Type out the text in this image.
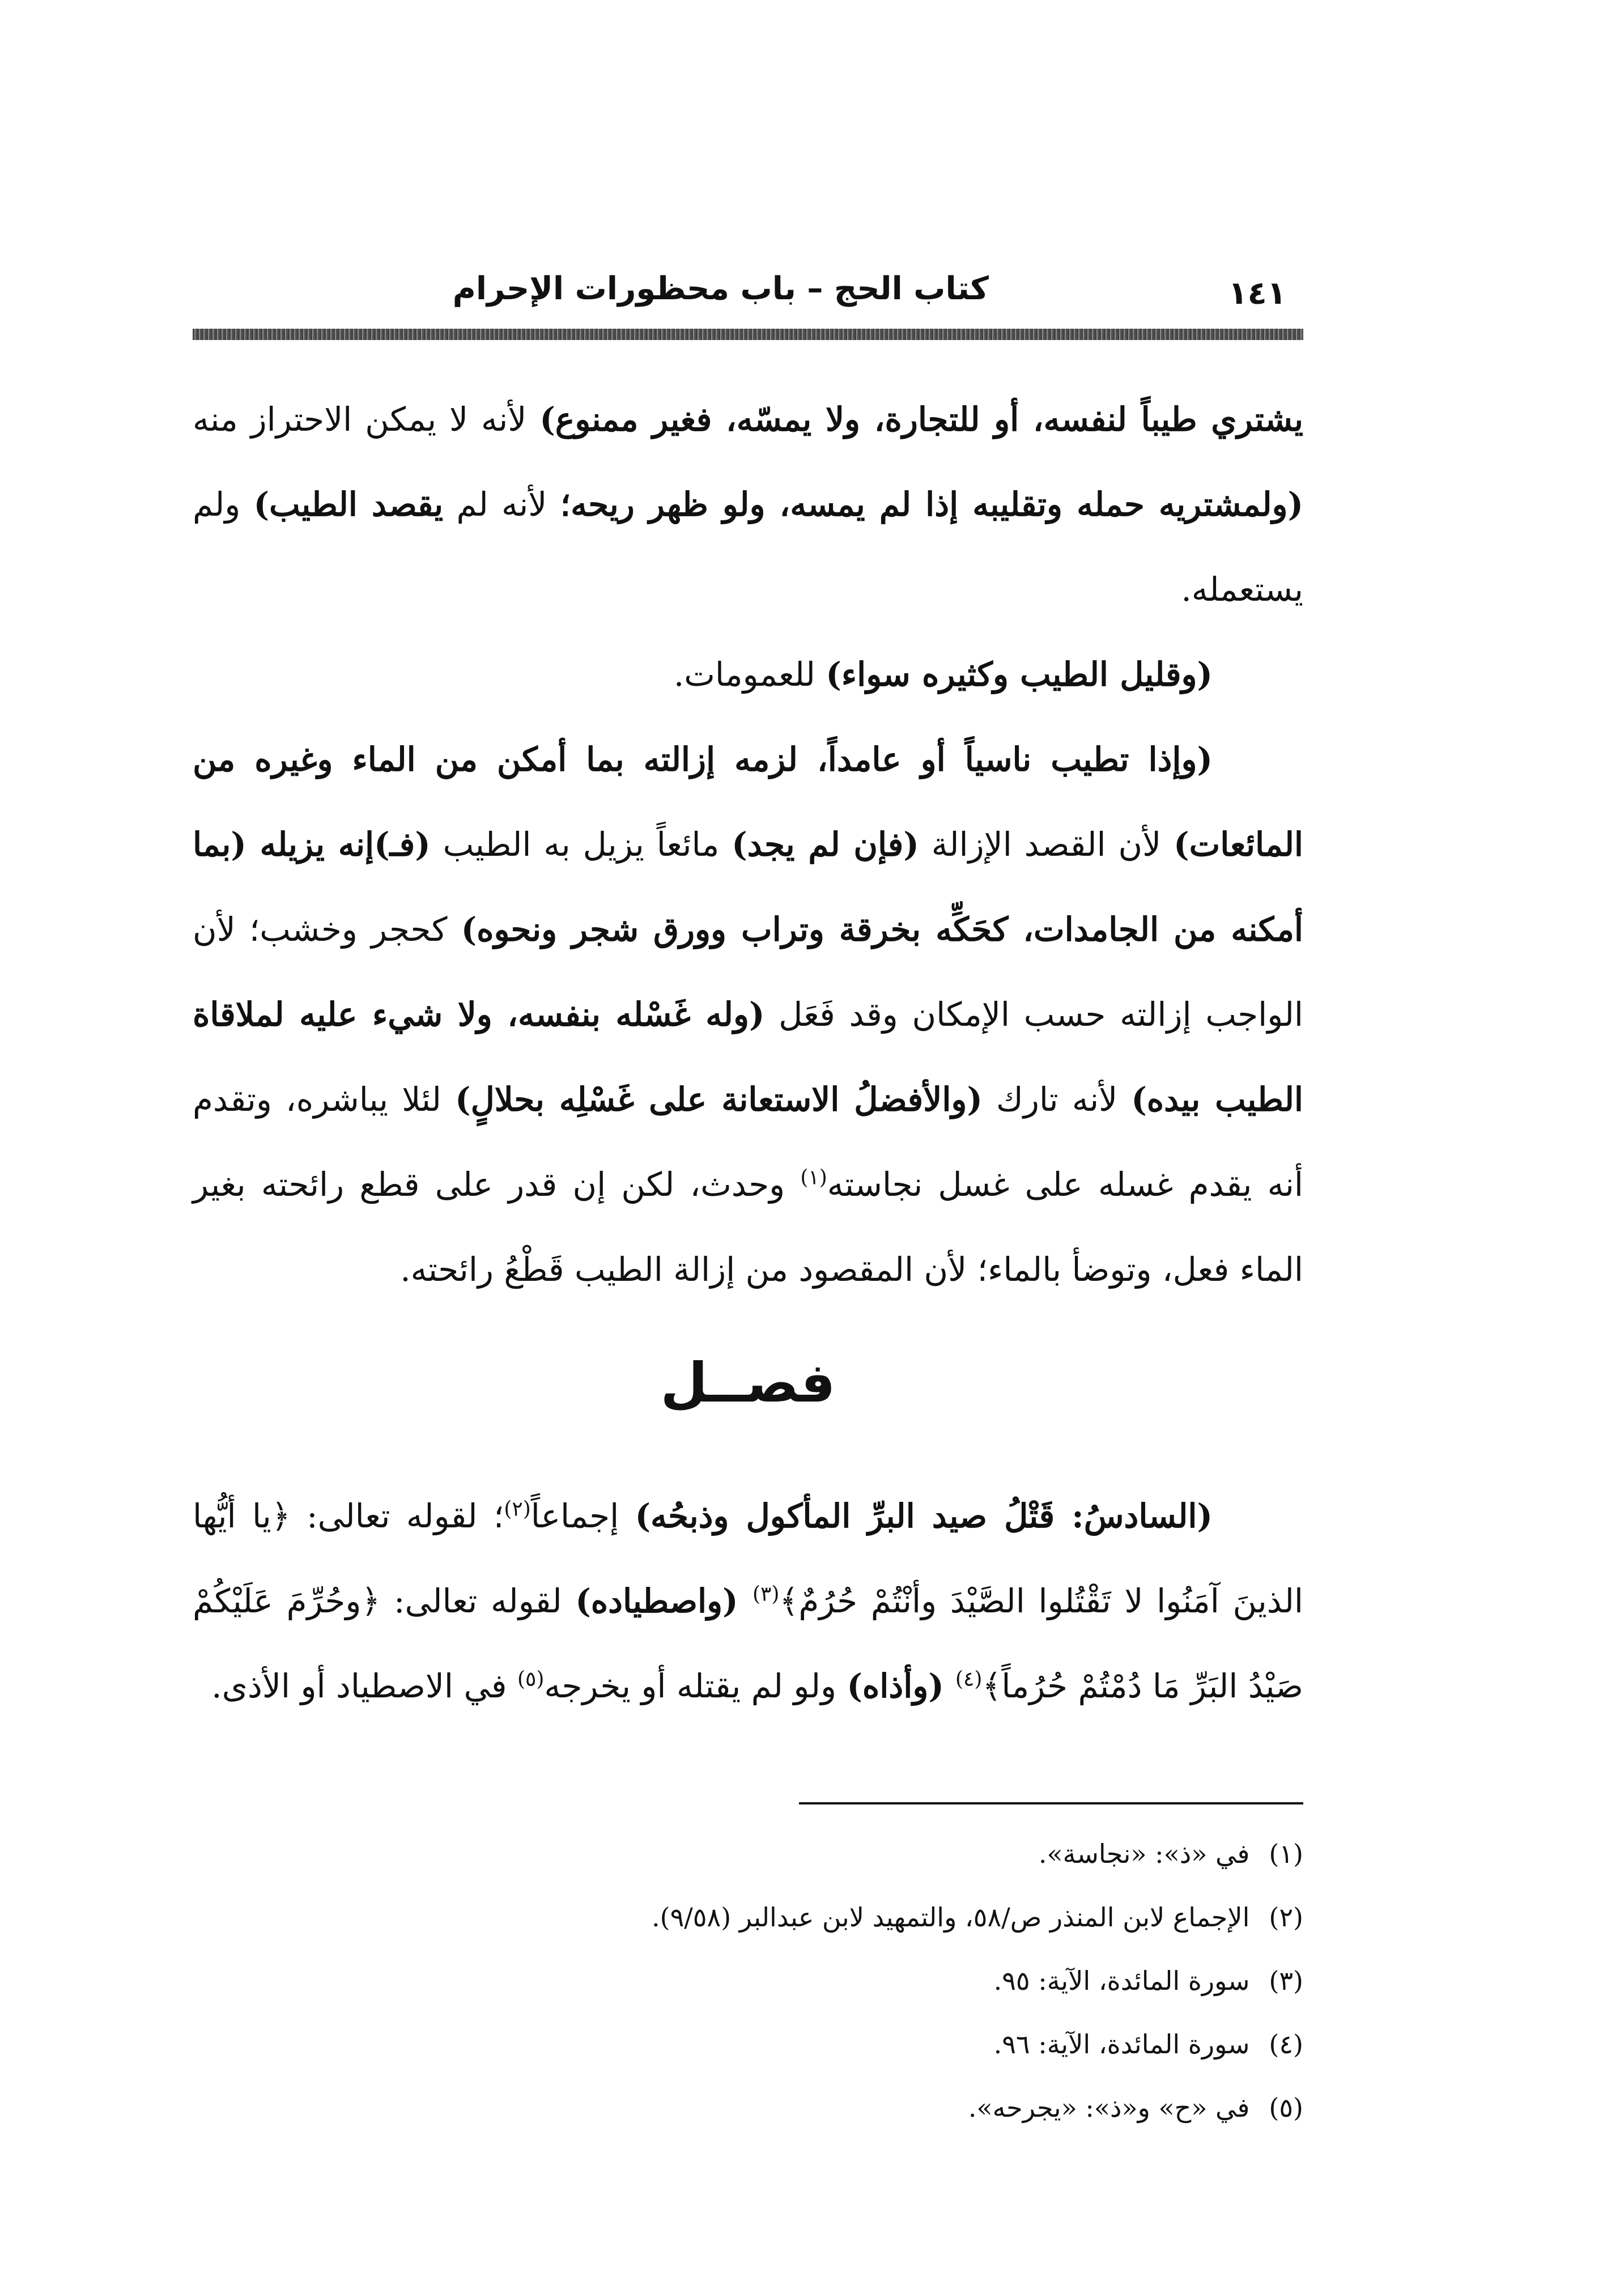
كتاب الحج – باب محظورات الإحرام	١٤١

يشتري طيباً لنفسه، أو للتجارة، ولا يمسّه، فغير ممنوع) لأنه لا يمكن الاحتراز منه (ولمشتريه حمله وتقليبه إذا لم يمسه، ولو ظهر ريحه؛ لأنه لم يقصد الطيب) ولم يستعمله.

(وقليل الطيب وكثيره سواء) للعمومات.

(وإذا تطيب ناسياً أو عامداً، لزمه إزالته بما أمكن من الماء وغيره من المائعات) لأن القصد الإزالة (فإن لم يجد) مائعاً يزيل به الطيب (فـ)إنه يزيله (بما أمكنه من الجامدات، كحَكِّه بخرقة وتراب وورق شجر ونحوه) كحجر وخشب؛ لأن الواجب إزالته حسب الإمكان وقد فَعَل (وله غَسْله بنفسه، ولا شيء عليه لملاقاة الطيب بيده) لأنه تارك (والأفضلُ الاستعانة على غَسْلِه بحلالٍ) لئلا يباشره، وتقدم أنه يقدم غسله على غسل نجاسته$^{(١)}$ وحدث، لكن إن قدر على قطع رائحته بغير الماء فعل، وتوضأ بالماء؛ لأن المقصود من إزالة الطيب قَطْعُ رائحته.

فصــل

(السادسُ: قَتْلُ صيد البرِّ المأكول وذبحُه) إجماعاً$^{(٢)}$؛ لقوله تعالى: ﴿يا أيُّها الذينَ آمَنُوا لا تَقْتُلوا الصَّيْدَ وأنْتُمْ حُرُمٌ﴾$^{(٣)}$ (واصطياده) لقوله تعالى: ﴿وحُرِّمَ عَلَيْكُمْ صَيْدُ البَرِّ مَا دُمْتُمْ حُرُماً﴾$^{(٤)}$ (وأذاه) ولو لم يقتله أو يخرجه$^{(٥)}$ في الاصطياد أو الأذى.

(١) في «ذ»: «نجاسة».

(٢) الإجماع لابن المنذر ص/٥٨، والتمهيد لابن عبدالبر (٩/٥٨).

(٣) سورة المائدة، الآية: ٩٥.

(٤) سورة المائدة، الآية: ٩٦.

(٥) في «ح» و«ذ»: «يجرحه».
